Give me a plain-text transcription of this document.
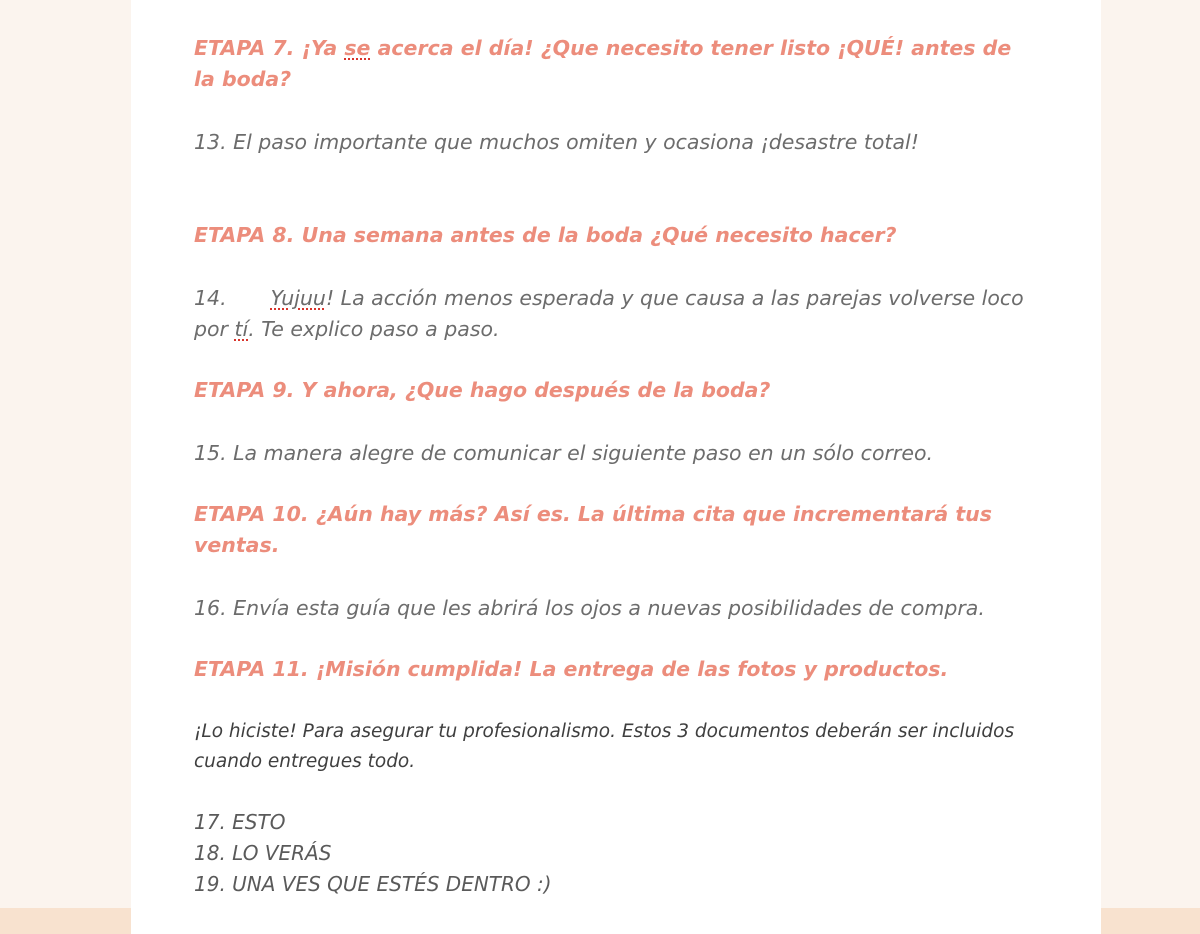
ETAPA 7. ¡Ya se acerca el día! ¿Que necesito tener listo ¡QUÉ! antes de la boda?

13. El paso importante que muchos omiten y ocasiona ¡desastre total!

ETAPA 8. Una semana antes de la boda ¿Qué necesito hacer?

14. Yujuu! La acción menos esperada y que causa a las parejas volverse loco por tí. Te explico paso a paso.

ETAPA 9. Y ahora, ¿Que hago después de la boda?

15. La manera alegre de comunicar el siguiente paso en un sólo correo.

ETAPA 10. ¿Aún hay más? Así es. La última cita que incrementará tus ventas.

16. Envía esta guía que les abrirá los ojos a nuevas posibilidades de compra.

ETAPA 11. ¡Misión cumplida! La entrega de las fotos y productos.

¡Lo hiciste! Para asegurar tu profesionalismo. Estos 3 documentos deberán ser incluidos cuando entregues todo.

17. ESTO

18. LO VERÁS

19. UNA VES QUE ESTÉS DENTRO :)
